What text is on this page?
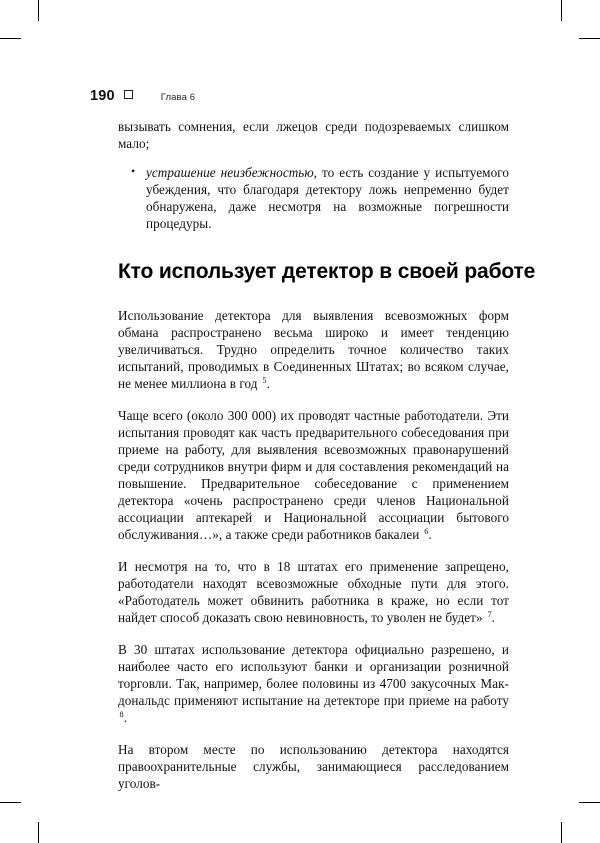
190	Глава 6

вызывать сомнения, если лжецов среди подозреваемых слишком мало;

• устрашение неизбежностью, то есть создание у испытуемого убеждения, что благодаря детектору ложь непременно будет обнаружена, даже несмотря на возможные погрешности процедуры.
Кто использует детектор в своей работе

Использование детектора для выявления всевозможных форм обмана распространено весьма широко и имеет тенденцию увеличиваться. Трудно определить точное количество таких испытаний, проводимых в Соединенных Штатах; во всяком случае, не менее миллиона в год $^5$.

Чаще всего (около 300 000) их проводят частные работодатели. Эти испытания проводят как часть предварительного собеседования при приеме на работу, для выявления всевозможных правонарушений среди сотрудников внутри фирм и для составления рекомендаций на повышение. Предварительное собеседование с применением детектора «очень распространено среди членов Национальной ассоциации аптекарей и Национальной ассоциации бытового обслуживания…», а также среди работников бакалеи $^6$.

И несмотря на то, что в 18 штатах его применение запрещено, работодатели находят всевозможные обходные пути для этого. «Работодатель может обвинить работника в краже, но если тот найдет способ доказать свою невиновность, то уволен не будет» $^7$.

В 30 штатах использование детектора официально разрешено, и наиболее часто его используют банки и организации розничной торговли. Так, например, более половины из 4700 закусочных Мак-дональдс применяют испытание на детекторе при приеме на работу $^8$.

На втором месте по использованию детектора находятся правоохранительные службы, занимающиеся расследованием уголов-
